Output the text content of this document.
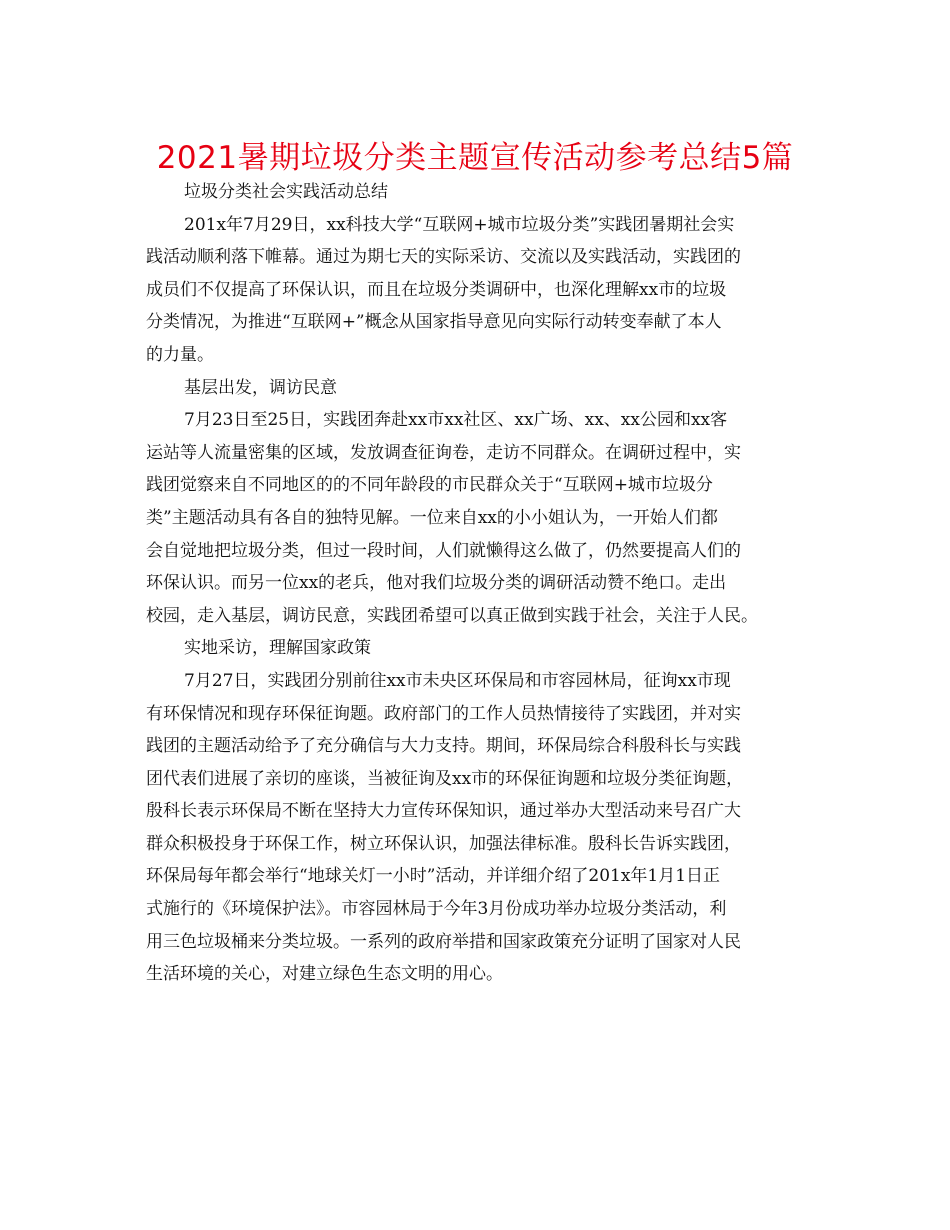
2021暑期垃圾分类主题宣传活动参考总结5篇
垃圾分类社会实践活动总结
201x年7月29日，xx科技大学“互联网+城市垃圾分类”实践团暑期社会实
践活动顺利落下帷幕。通过为期七天的实际采访、交流以及实践活动，实践团的
成员们不仅提高了环保认识，而且在垃圾分类调研中，也深化理解xx市的垃圾
分类情况，为推进“互联网+”概念从国家指导意见向实际行动转变奉献了本人
的力量。
基层出发，调访民意
7月23日至25日，实践团奔赴xx市xx社区、xx广场、xx、xx公园和xx客
运站等人流量密集的区域，发放调查征询卷，走访不同群众。在调研过程中，实
践团觉察来自不同地区的的不同年龄段的市民群众关于“互联网+城市垃圾分
类”主题活动具有各自的独特见解。一位来自xx的小小姐认为，一开始人们都
会自觉地把垃圾分类，但过一段时间，人们就懒得这么做了，仍然要提高人们的
环保认识。而另一位xx的老兵，他对我们垃圾分类的调研活动赞不绝口。走出
校园，走入基层，调访民意，实践团希望可以真正做到实践于社会，关注于人民。
实地采访，理解国家政策
7月27日，实践团分别前往xx市未央区环保局和市容园林局，征询xx市现
有环保情况和现存环保征询题。政府部门的工作人员热情接待了实践团，并对实
践团的主题活动给予了充分确信与大力支持。期间，环保局综合科殷科长与实践
团代表们进展了亲切的座谈，当被征询及xx市的环保征询题和垃圾分类征询题，
殷科长表示环保局不断在坚持大力宣传环保知识，通过举办大型活动来号召广大
群众积极投身于环保工作，树立环保认识，加强法律标准。殷科长告诉实践团，
环保局每年都会举行“地球关灯一小时”活动，并详细介绍了201x年1月1日正
式施行的《环境保护法》。市容园林局于今年3月份成功举办垃圾分类活动，利
用三色垃圾桶来分类垃圾。一系列的政府举措和国家政策充分证明了国家对人民
生活环境的关心，对建立绿色生态文明的用心。
